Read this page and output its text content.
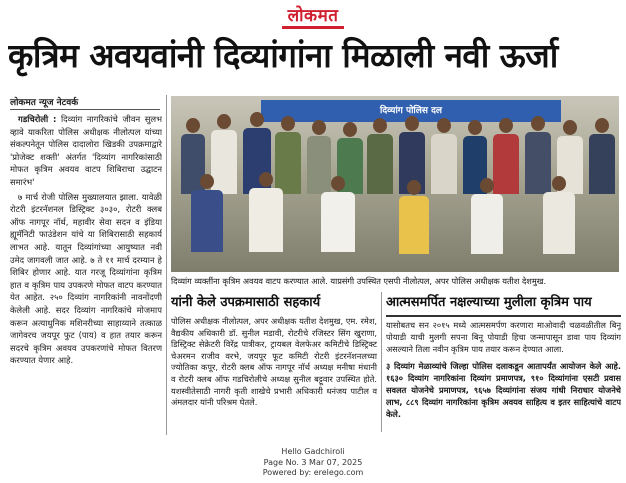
लोकमत
कृत्रिम अवयवांनी दिव्यांगांना मिळाली नवी ऊर्जा
लोकमत न्यूज नेटवर्क

गडचिरोली : दिव्यांग नागरिकांचे जीवन सुलभ व्हावे याकरिता पोलिस अधीक्षक नीलोत्पल यांच्या संकल्पनेतून पोलिस दादालोरा खिडकी उपक्रमाद्वारे 'प्रोजेक्ट शक्ती' अंतर्गत 'दिव्यांग नागरिकांसाठी मोफत कृत्रिम अवयव वाटप शिबिराचा उद्घाटन समारंभ'

७ मार्च रोजी पोलिस मुख्यालयात झाला. यावेळी रोटरी इंटरनॅशनल डिस्ट्रिक्ट ३०३०, रोटरी क्लब ऑफ नागपूर नॉर्थ, महावीर सेवा सदन व इंडिया ह्यूमॅनिटी फाउंडेशन यांचे या शिबिरासाठी सहकार्य लाभत आहे. यातून दिव्यांगांच्या आयुष्यात नवी उमेद जागवली जात आहे. ७ ते ११ मार्च दरम्यान हे शिबिर होणार आहे. यात गरजू दिव्यांगांना कृत्रिम हात व कृत्रिम पाय उपकरणे मोफत वाटप करण्यात येत आहेत. २५० दिव्यांग नागरिकांनी नावनोंदणी केलेली आहे. सदर दिव्यांग नागरिकांचे मोजमाप करून अत्याधुनिक मशिनरीच्या साहाय्याने तत्काळ जागेवरच जयपूर फुट (पाय) व हात तयार करून सदरचे कृत्रिम अवयव उपकरणांचे मोफत वितरण करण्यात येणार आहे.

दिव्यांग पोलिस दल
दिव्यांग व्यक्तींना कृत्रिम अवयव वाटप करण्यात आले. याप्रसंगी उपस्थित एसपी नीलोत्पल, अपर पोलिस अधीक्षक यतीश देशमुख.
यांनी केले उपक्रमासाठी सहकार्य
पोलिस अधीक्षक नीलोत्पल, अपर अधीक्षक यतीश देशमुख, एम. रमेश, वैद्यकीय अधिकारी डॉ. सुनील मडावी, रोटरीचे रजिस्टर सिंग खुराणा, डिस्ट्रिक्ट सेक्रेटरी विरेंद्र पात्रीकर, ट्रायबल वेलफेअर कमिटीचे डिस्ट्रिक्ट चेअरमन राजीव वरभे, जयपूर फूट कमिटी रोटरी इंटरनॅशनलच्या ज्योतिका कपूर, रोटरी क्लब ऑफ नागपूर नॉर्थ अध्यक्ष मनीषा मंधानी व रोटरी क्लब ऑफ गडचिरोलीचे अध्यक्ष सुनील बट्टूवार उपस्थित होते. यशस्वीतेसाठी नागरी कृती शाखेचे प्रभारी अधिकारी धनंजय पाटील व अंमलदार यांनी परिश्रम घेतले.
आत्मसमर्पित नक्षल्याच्या मुलीला कृत्रिम पाय

यासोबतच सन २०१५ मध्ये आत्मसमर्पण करणारा माओवादी चळवळीतील बिनू पोयाडी याची मुलगी सपना बिनू पोयाडी हिचा जन्मापासून डावा पाय दिव्यांग असल्याने तिला नवीन कृत्रिम पाय तयार करून देण्यात आला.

३ दिव्यांग मेळाव्यांचे जिल्हा पोलिस दलाकडून आतापर्यंत आयोजन केले आहे. १६३० दिव्यांग नागरिकांना दिव्यांग प्रमाणपत्र, ९१० दिव्यांगांना एसटी प्रवास सवलत योजनेचे प्रमाणपत्र, ९६५७ दिव्यांगांना संजय गांधी निराधार योजनेचे लाभ, ८८९ दिव्यांग नागरिकांना कृत्रिम अवयव साहित्य व इतर साहित्यांचे वाटप केले.

Hello Gadchiroli
Page No. 3 Mar 07, 2025
Powered by: erelego.com
